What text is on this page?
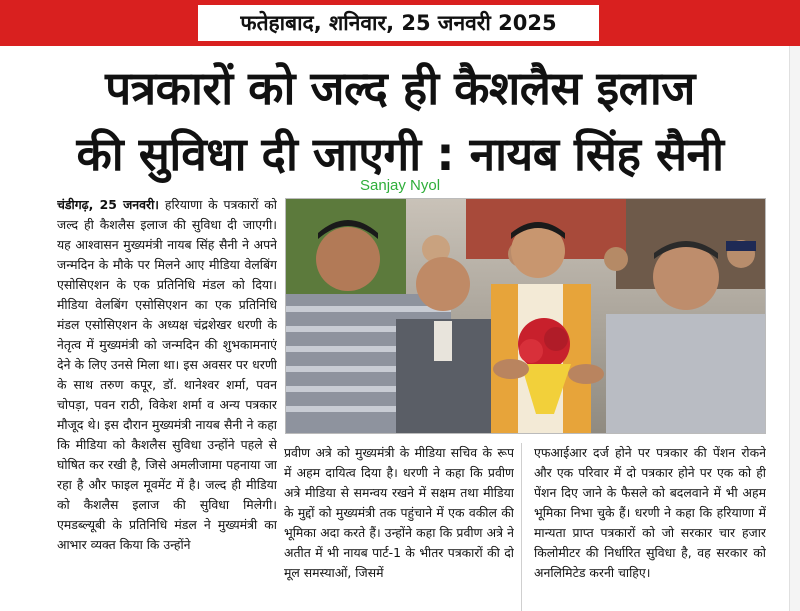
फतेहाबाद, शनिवार, 25 जनवरी 2025
पत्रकारों को जल्द ही कैशलैस इलाज
की सुविधा दी जाएगी : नायब सिंह सैनी
Sanjay Nyol
चंडीगढ़, 25 जनवरी। हरियाणा के पत्रकारों को जल्द ही कैशलैस इलाज की सुविधा दी जाएगी। यह आश्वासन मुख्यमंत्री नायब सिंह सैनी ने अपने जन्मदिन के मौके पर मिलने आए मीडिया वेलबिंग एसोसिएशन के एक प्रतिनिधि मंडल को दिया। मीडिया वेलबिंग एसोसिएशन का एक प्रतिनिधि मंडल एसोसिएशन के अध्यक्ष चंद्रशेखर धरणी के नेतृत्व में मुख्यमंत्री को जन्मदिन की शुभकामनाएं देने के लिए उनसे मिला था। इस अवसर पर धरणी के साथ तरुण कपूर, डॉ. थानेश्वर शर्मा, पवन चोपड़ा, पवन राठी, विकेश शर्मा व अन्य पत्रकार मौजूद थे। इस दौरान मुख्यमंत्री नायब सैनी ने कहा कि मीडिया को कैशलैस सुविधा उन्होंने पहले से घोषित कर रखी है, जिसे अमलीजामा पहनाया जा रहा है और फाइल मूवमेंट में है। जल्द ही मीडिया को कैशलैस इलाज की सुविधा मिलेगी। एमडब्ल्यूबी के प्रतिनिधि मंडल ने मुख्यमंत्री का आभार व्यक्त किया कि उन्होंने
प्रवीण अत्रे को मुख्यमंत्री के मीडिया सचिव के रूप में अहम दायित्व दिया है। धरणी ने कहा कि प्रवीण अत्रे मीडिया से समन्वय रखने में सक्षम तथा मीडिया के मुद्दों को मुख्यमंत्री तक पहुंचाने में एक वकील की भूमिका अदा करते हैं। उन्होंने कहा कि प्रवीण अत्रे ने अतीत में भी नायब पार्ट-1 के भीतर पत्रकारों की दो मूल समस्याओं, जिसमें
एफआईआर दर्ज होने पर पत्रकार की पेंशन रोकने और एक परिवार में दो पत्रकार होने पर एक को ही पेंशन दिए जाने के फैसले को बदलवाने में भी अहम भूमिका निभा चुके हैं। धरणी ने कहा कि हरियाणा में मान्यता प्राप्त पत्रकारों को जो सरकार चार हजार किलोमीटर की निर्धारित सुविधा है, वह सरकार को अनलिमिटेड करनी चाहिए।
